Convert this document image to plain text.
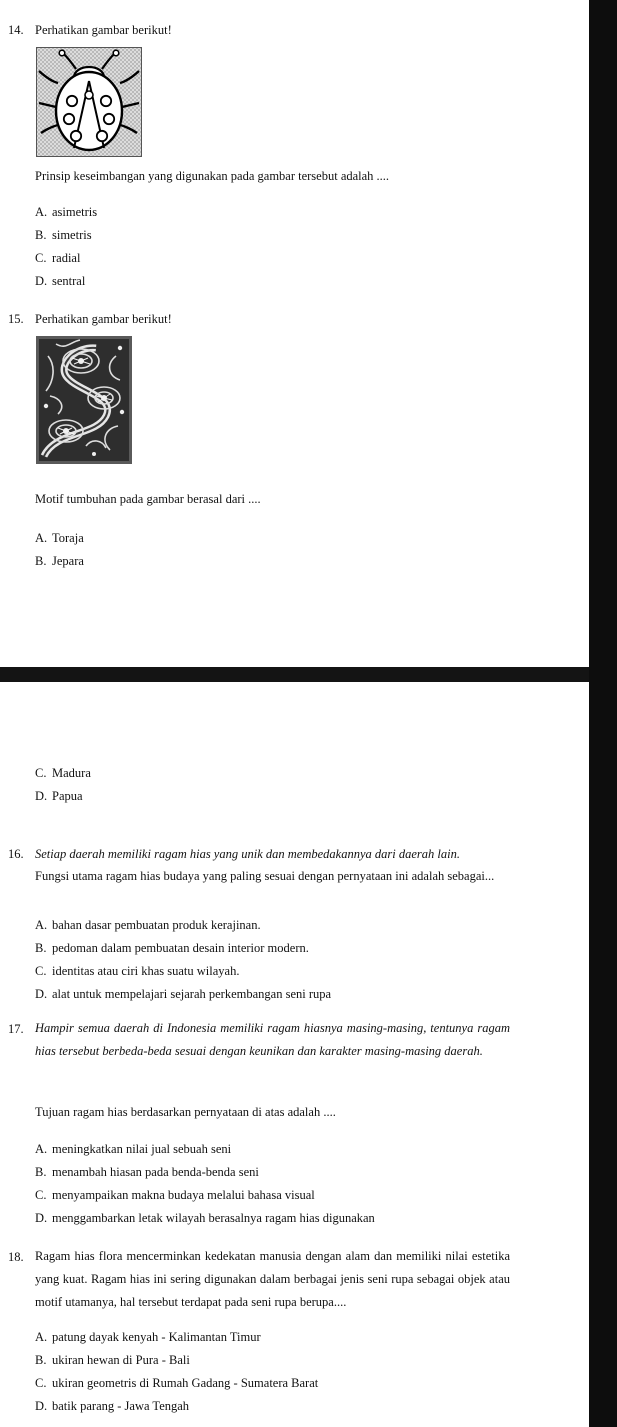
14. Perhatikan gambar berikut!
Prinsip keseimbangan yang digunakan pada gambar tersebut adalah ....
A. asimetris
B. simetris
C. radial
D. sentral
15. Perhatikan gambar berikut!
Motif tumbuhan pada gambar berasal dari ....
A. Toraja
B. Jepara
C. Madura
D. Papua
16. Setiap daerah memiliki ragam hias yang unik dan membedakannya dari daerah lain.
Fungsi utama ragam hias budaya yang paling sesuai dengan pernyataan ini adalah sebagai...
A. bahan dasar pembuatan produk kerajinan.
B. pedoman dalam pembuatan desain interior modern.
C. identitas atau ciri khas suatu wilayah.
D. alat untuk mempelajari sejarah perkembangan seni rupa
17. Hampir semua daerah di Indonesia memiliki ragam hiasnya masing-masing, tentunya ragam hias tersebut berbeda-beda sesuai dengan keunikan dan karakter masing-masing daerah.
Tujuan ragam hias berdasarkan pernyataan di atas adalah ....
A. meningkatkan nilai jual sebuah seni
B. menambah hiasan pada benda-benda seni
C. menyampaikan makna budaya melalui bahasa visual
D. menggambarkan letak wilayah berasalnya ragam hias digunakan
18. Ragam hias flora mencerminkan kedekatan manusia dengan alam dan memiliki nilai estetika yang kuat. Ragam hias ini sering digunakan dalam berbagai jenis seni rupa sebagai objek atau motif utamanya, hal tersebut terdapat pada seni rupa berupa....
A. patung dayak kenyah - Kalimantan Timur
B. ukiran hewan di Pura - Bali
C. ukiran geometris di Rumah Gadang - Sumatera Barat
D. batik parang - Jawa Tengah
